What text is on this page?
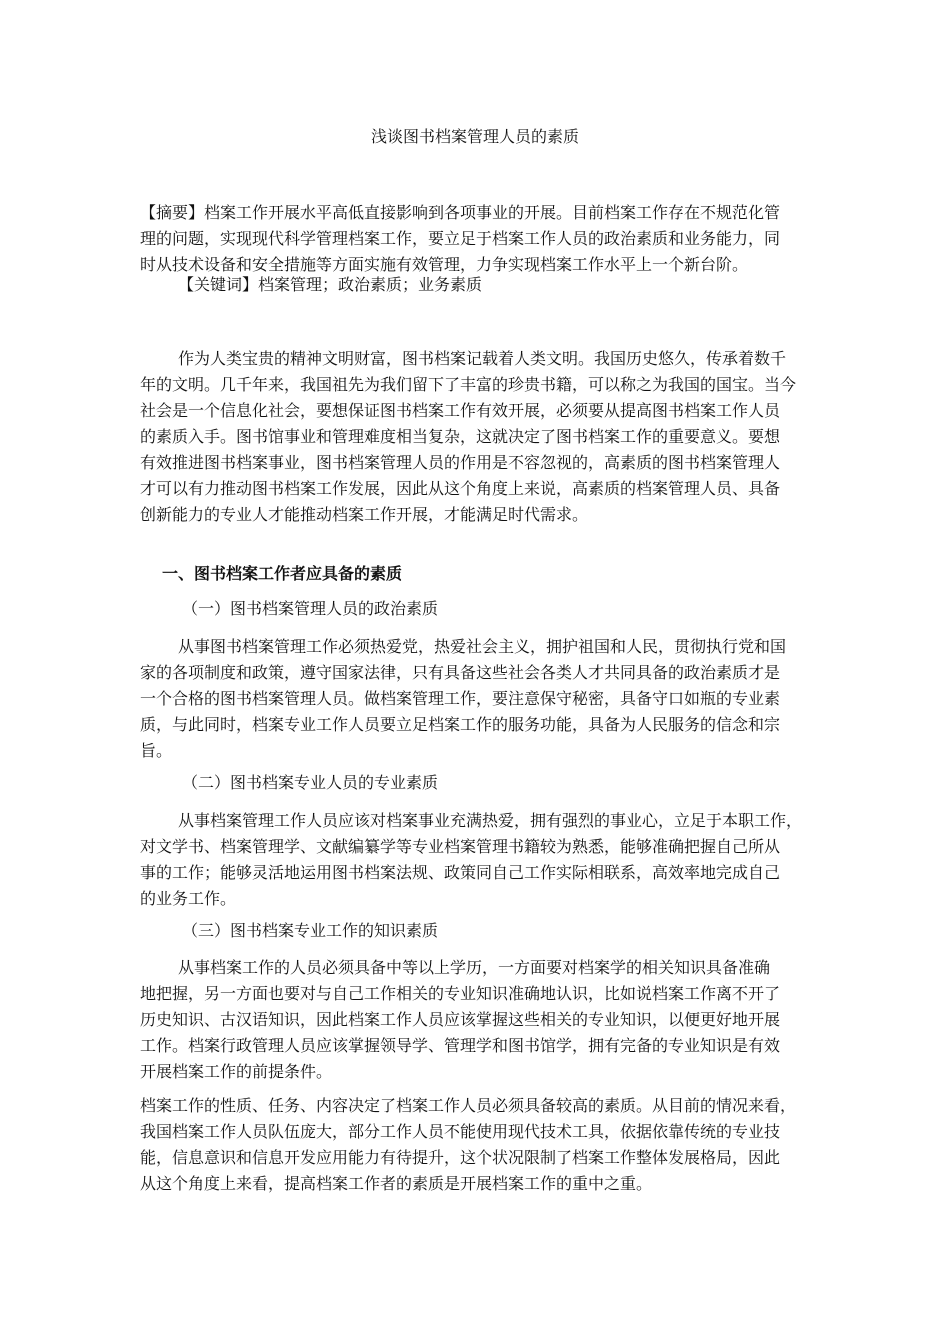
浅谈图书档案管理人员的素质
【摘要】档案工作开展水平高低直接影响到各项事业的开展。目前档案工作存在不规范化管
理的问题，实现现代科学管理档案工作，要立足于档案工作人员的政治素质和业务能力，同
时从技术设备和安全措施等方面实施有效管理，力争实现档案工作水平上一个新台阶。
【关键词】档案管理；政治素质；业务素质
作为人类宝贵的精神文明财富，图书档案记载着人类文明。我国历史悠久，传承着数千
年的文明。几千年来，我国祖先为我们留下了丰富的珍贵书籍，可以称之为我国的国宝。当今
社会是一个信息化社会，要想保证图书档案工作有效开展，必须要从提高图书档案工作人员
的素质入手。图书馆事业和管理难度相当复杂，这就决定了图书档案工作的重要意义。要想
有效推进图书档案事业，图书档案管理人员的作用是不容忽视的，高素质的图书档案管理人
才可以有力推动图书档案工作发展，因此从这个角度上来说，高素质的档案管理人员、具备
创新能力的专业人才能推动档案工作开展，才能满足时代需求。
一、图书档案工作者应具备的素质
（一）图书档案管理人员的政治素质
从事图书档案管理工作必须热爱党，热爱社会主义，拥护祖国和人民，贯彻执行党和国
家的各项制度和政策，遵守国家法律，只有具备这些社会各类人才共同具备的政治素质才是
一个合格的图书档案管理人员。做档案管理工作，要注意保守秘密，具备守口如瓶的专业素
质，与此同时，档案专业工作人员要立足档案工作的服务功能，具备为人民服务的信念和宗
旨。
（二）图书档案专业人员的专业素质
从事档案管理工作人员应该对档案事业充满热爱，拥有强烈的事业心，立足于本职工作，
对文学书、档案管理学、文献编纂学等专业档案管理书籍较为熟悉，能够准确把握自己所从
事的工作；能够灵活地运用图书档案法规、政策同自己工作实际相联系，高效率地完成自己
的业务工作。
（三）图书档案专业工作的知识素质
从事档案工作的人员必须具备中等以上学历，一方面要对档案学的相关知识具备准确
地把握，另一方面也要对与自己工作相关的专业知识准确地认识，比如说档案工作离不开了
历史知识、古汉语知识，因此档案工作人员应该掌握这些相关的专业知识，以便更好地开展
工作。档案行政管理人员应该掌握领导学、管理学和图书馆学，拥有完备的专业知识是有效
开展档案工作的前提条件。
档案工作的性质、任务、内容决定了档案工作人员必须具备较高的素质。从目前的情况来看，
我国档案工作人员队伍庞大，部分工作人员不能使用现代技术工具，依据依靠传统的专业技
能，信息意识和信息开发应用能力有待提升，这个状况限制了档案工作整体发展格局，因此
从这个角度上来看，提高档案工作者的素质是开展档案工作的重中之重。
